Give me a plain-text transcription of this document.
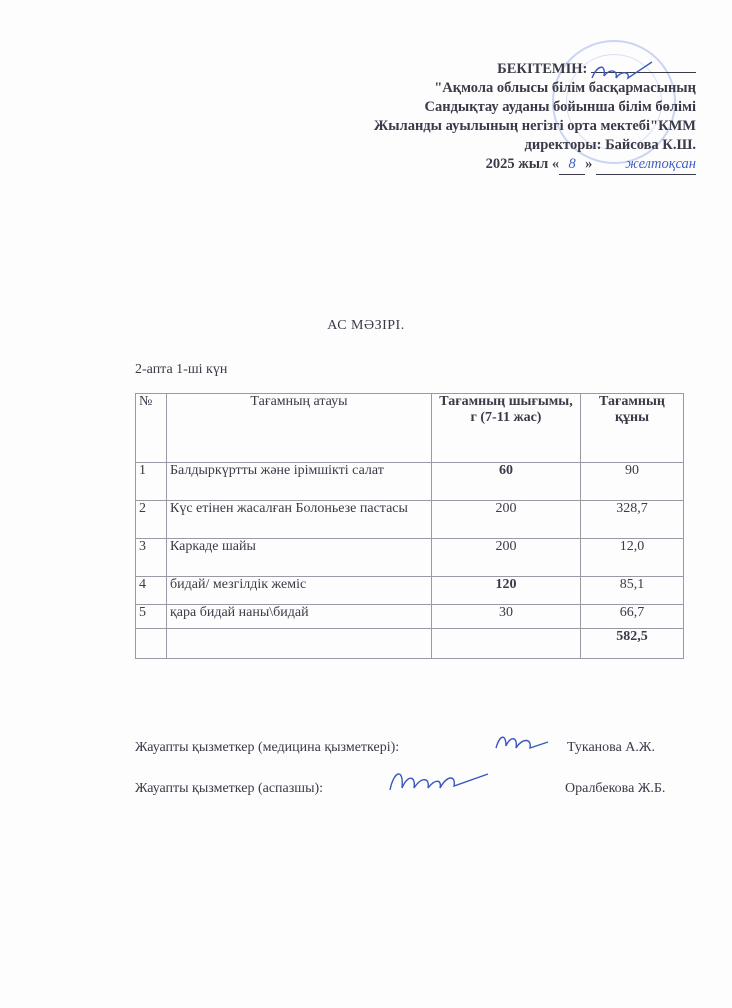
БЕКІТЕМІН:
"Ақмола облысы білім басқармасының
Сандықтау ауданы бойынша білім бөлімі
Жыланды ауылының негізгі орта мектебі"КММ
директоры: Байсова К.Ш.
2025 жыл « 8 » желтоқсан
АС МӘЗІРІ.
2-апта 1-ші күн
№	Тағамның атауы	Тағамның шығымы, г (7-11 жас)	Тағамның құны
1	Балдыркүртты және ірімшікті салат	60	90
2	Күс етінен жасалған Болоньезе пастасы	200	328,7
3	Каркаде шайы	200	12,0
4	бидай/ мезгілдік жеміс	120	85,1
5	қара бидай наны\бидай	30	66,7
			582,5
Жауапты қызметкер (медицина қызметкері):	Туканова А.Ж.
Жауапты қызметкер (аспазшы):	Оралбекова Ж.Б.
